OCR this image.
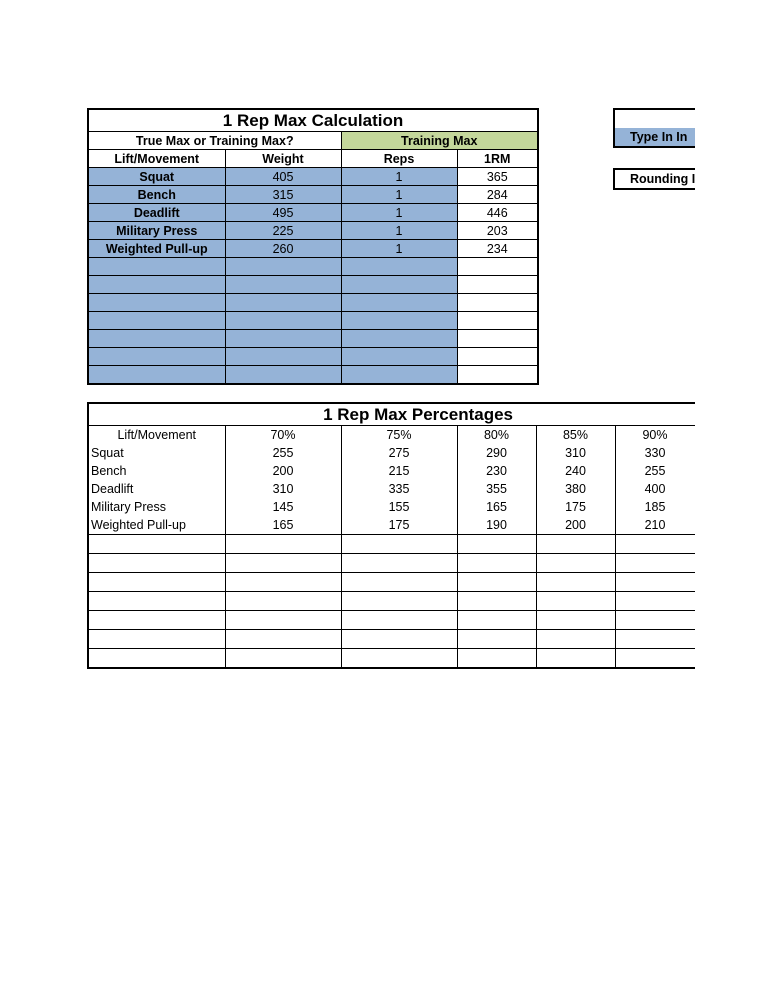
1 Rep Max Calculation			
True Max or Training Max?		Training Max	
Lift/Movement	Weight	Reps	1RM
Squat	405	1	365
Bench	315	1	284
Deadlift	495	1	446
Military Press	225	1	203
Weighted Pull-up	260	1	234

Type In In
Rounding I
1 Rep Max Percentages						
Lift/Movement	70%	75%	80%	85%	90%	
Squat	255	275	290	310	330	
Bench	200	215	230	240	255	
Deadlift	310	335	355	380	400	
Military Press	145	155	165	175	185	
Weighted Pull-up	165	175	190	200	210	
